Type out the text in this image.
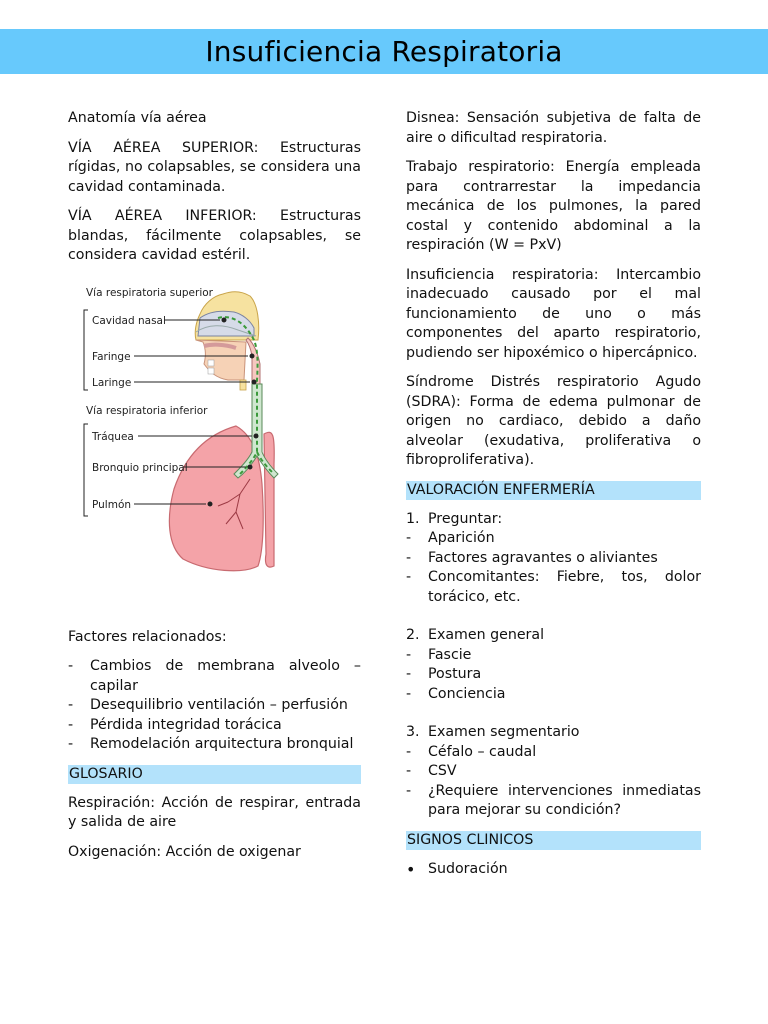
Insuficiencia Respiratoria

Anatomía vía aérea

VÍA AÉREA SUPERIOR: Estructuras rígidas, no colapsables, se considera una cavidad contaminada.

VÍA AÉREA INFERIOR: Estructuras blandas, fácilmente colapsables, se considera cavidad estéril.

Vía respiratoria superior
Cavidad nasal
Faringe
Laringe
Vía respiratoria inferior
Tráquea
Bronquio principal
Pulmón

Factores relacionados:

- Cambios de membrana alveolo – capilar
- Desequilibrio ventilación – perfusión
- Pérdida integridad torácica
- Remodelación arquitectura bronquial
GLOSARIO

Respiración: Acción de respirar, entrada y salida de aire

Oxigenación: Acción de oxigenar

Disnea: Sensación subjetiva de falta de aire o dificultad respiratoria.

Trabajo respiratorio: Energía empleada para contrarrestar la impedancia mecánica de los pulmones, la pared costal y contenido abdominal a la respiración (W = PxV)

Insuficiencia respiratoria: Intercambio inadecuado causado por el mal funcionamiento de uno o más componentes del aparto respiratorio, pudiendo ser hipoxémico o hipercápnico.

Síndrome Distrés respiratorio Agudo (SDRA): Forma de edema pulmonar de origen no cardiaco, debido a daño alveolar (exudativa, proliferativa o fibroproliferativa).

VALORACIÓN ENFERMERÍA
1. Preguntar:
- Aparición
- Factores agravantes o aliviantes
- Concomitantes: Fiebre, tos, dolor torácico, etc.
2. Examen general
- Fascie
- Postura
- Conciencia
3. Examen segmentario
- Céfalo – caudal
- CSV
- ¿Requiere intervenciones inmediatas para mejorar su condición?
SIGNOS CLINICOS
• Sudoración
